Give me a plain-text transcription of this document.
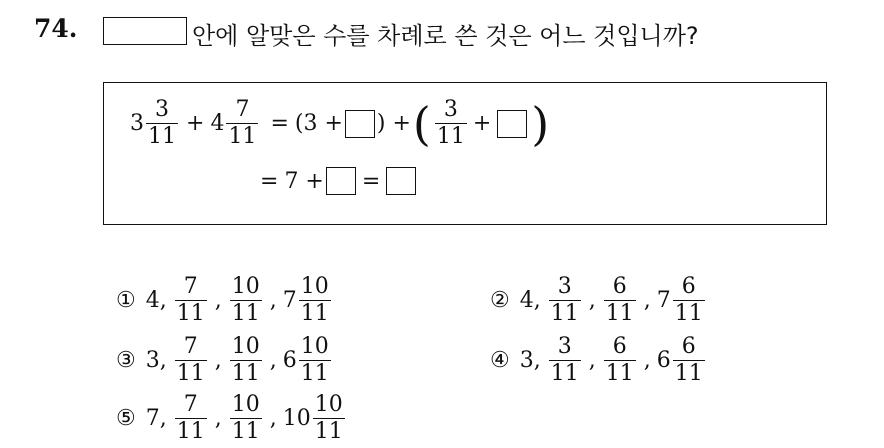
74.	안에 알맞은 수를 차례로 쓴 것은 어느 것입니까?
$3 \frac{3}{11} + 4 \frac{7}{11} = (3$ + ) + ( $\frac{3}{11}$ + )
= 7 + =
① 4, $\frac{7}{11}$ , $\frac{10}{11}$ , $7 \frac{10}{11}$	② 4, $\frac{3}{11}$ , $\frac{6}{11}$ , $7 \frac{6}{11}$
③ 3, $\frac{7}{11}$ , $\frac{10}{11}$ , $6 \frac{10}{11}$	④ 3, $\frac{3}{11}$ , $\frac{6}{11}$ , $6 \frac{6}{11}$
⑤ 7, $\frac{7}{11}$ , $\frac{10}{11}$ , $10 \frac{10}{11}$
